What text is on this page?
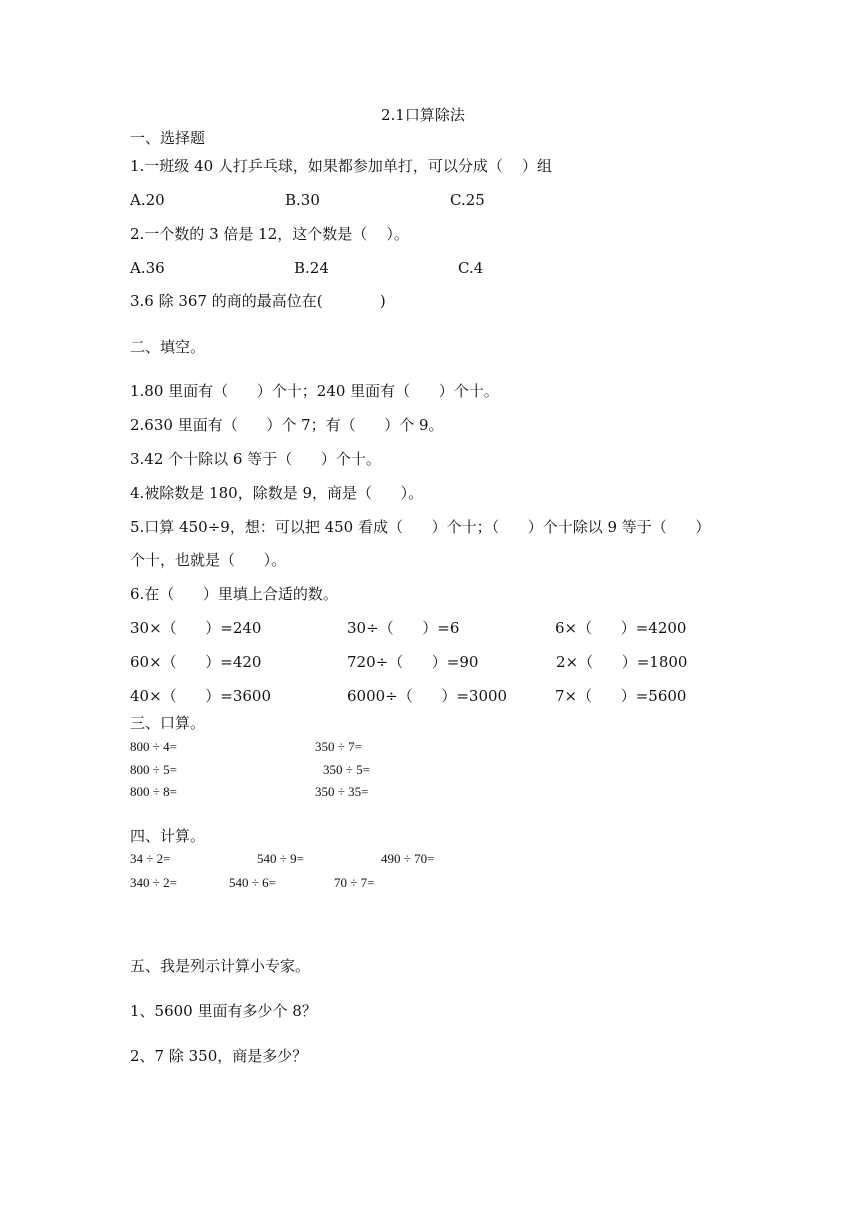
2.1口算除法
一、选择题
1.一班级 40 人打乒乓球，如果都参加单打，可以分成（    ）组
A.20	B.30	C.25
2.一个数的 3 倍是 12，这个数是（    ）。
A.36	B.24	C.4
3.6 除 367 的商的最高位在(            )
二、填空。
1.80 里面有（      ）个十；240 里面有（      ）个十。
2.630 里面有（      ）个 7；有（      ）个 9。
3.42 个十除以 6 等于（      ）个十。
4.被除数是 180，除数是 9，商是（      ）。
5.口算 450÷9，想：可以把 450 看成（      ）个十；（      ）个十除以 9 等于（      ）
个十，也就是（      ）。
6.在（      ）里填上合适的数。
30×（      ）=240	30÷（      ）=6	6×（      ）=4200
60×（      ）=420	720÷（      ）=90	2×（      ）=1800
40×（      ）=3600	6000÷（      ）=3000	7×（      ）=5600
三、口算。
800 ÷ 4=	350 ÷ 7=
800 ÷ 5=	350 ÷ 5=
800 ÷ 8=	350 ÷ 35=
四、计算。
34 ÷ 2=	540 ÷ 9=	490 ÷ 70=
340 ÷ 2=	540 ÷ 6=	70 ÷ 7=
五、我是列示计算小专家。
1、5600 里面有多少个 8？
2、7 除 350，商是多少？
